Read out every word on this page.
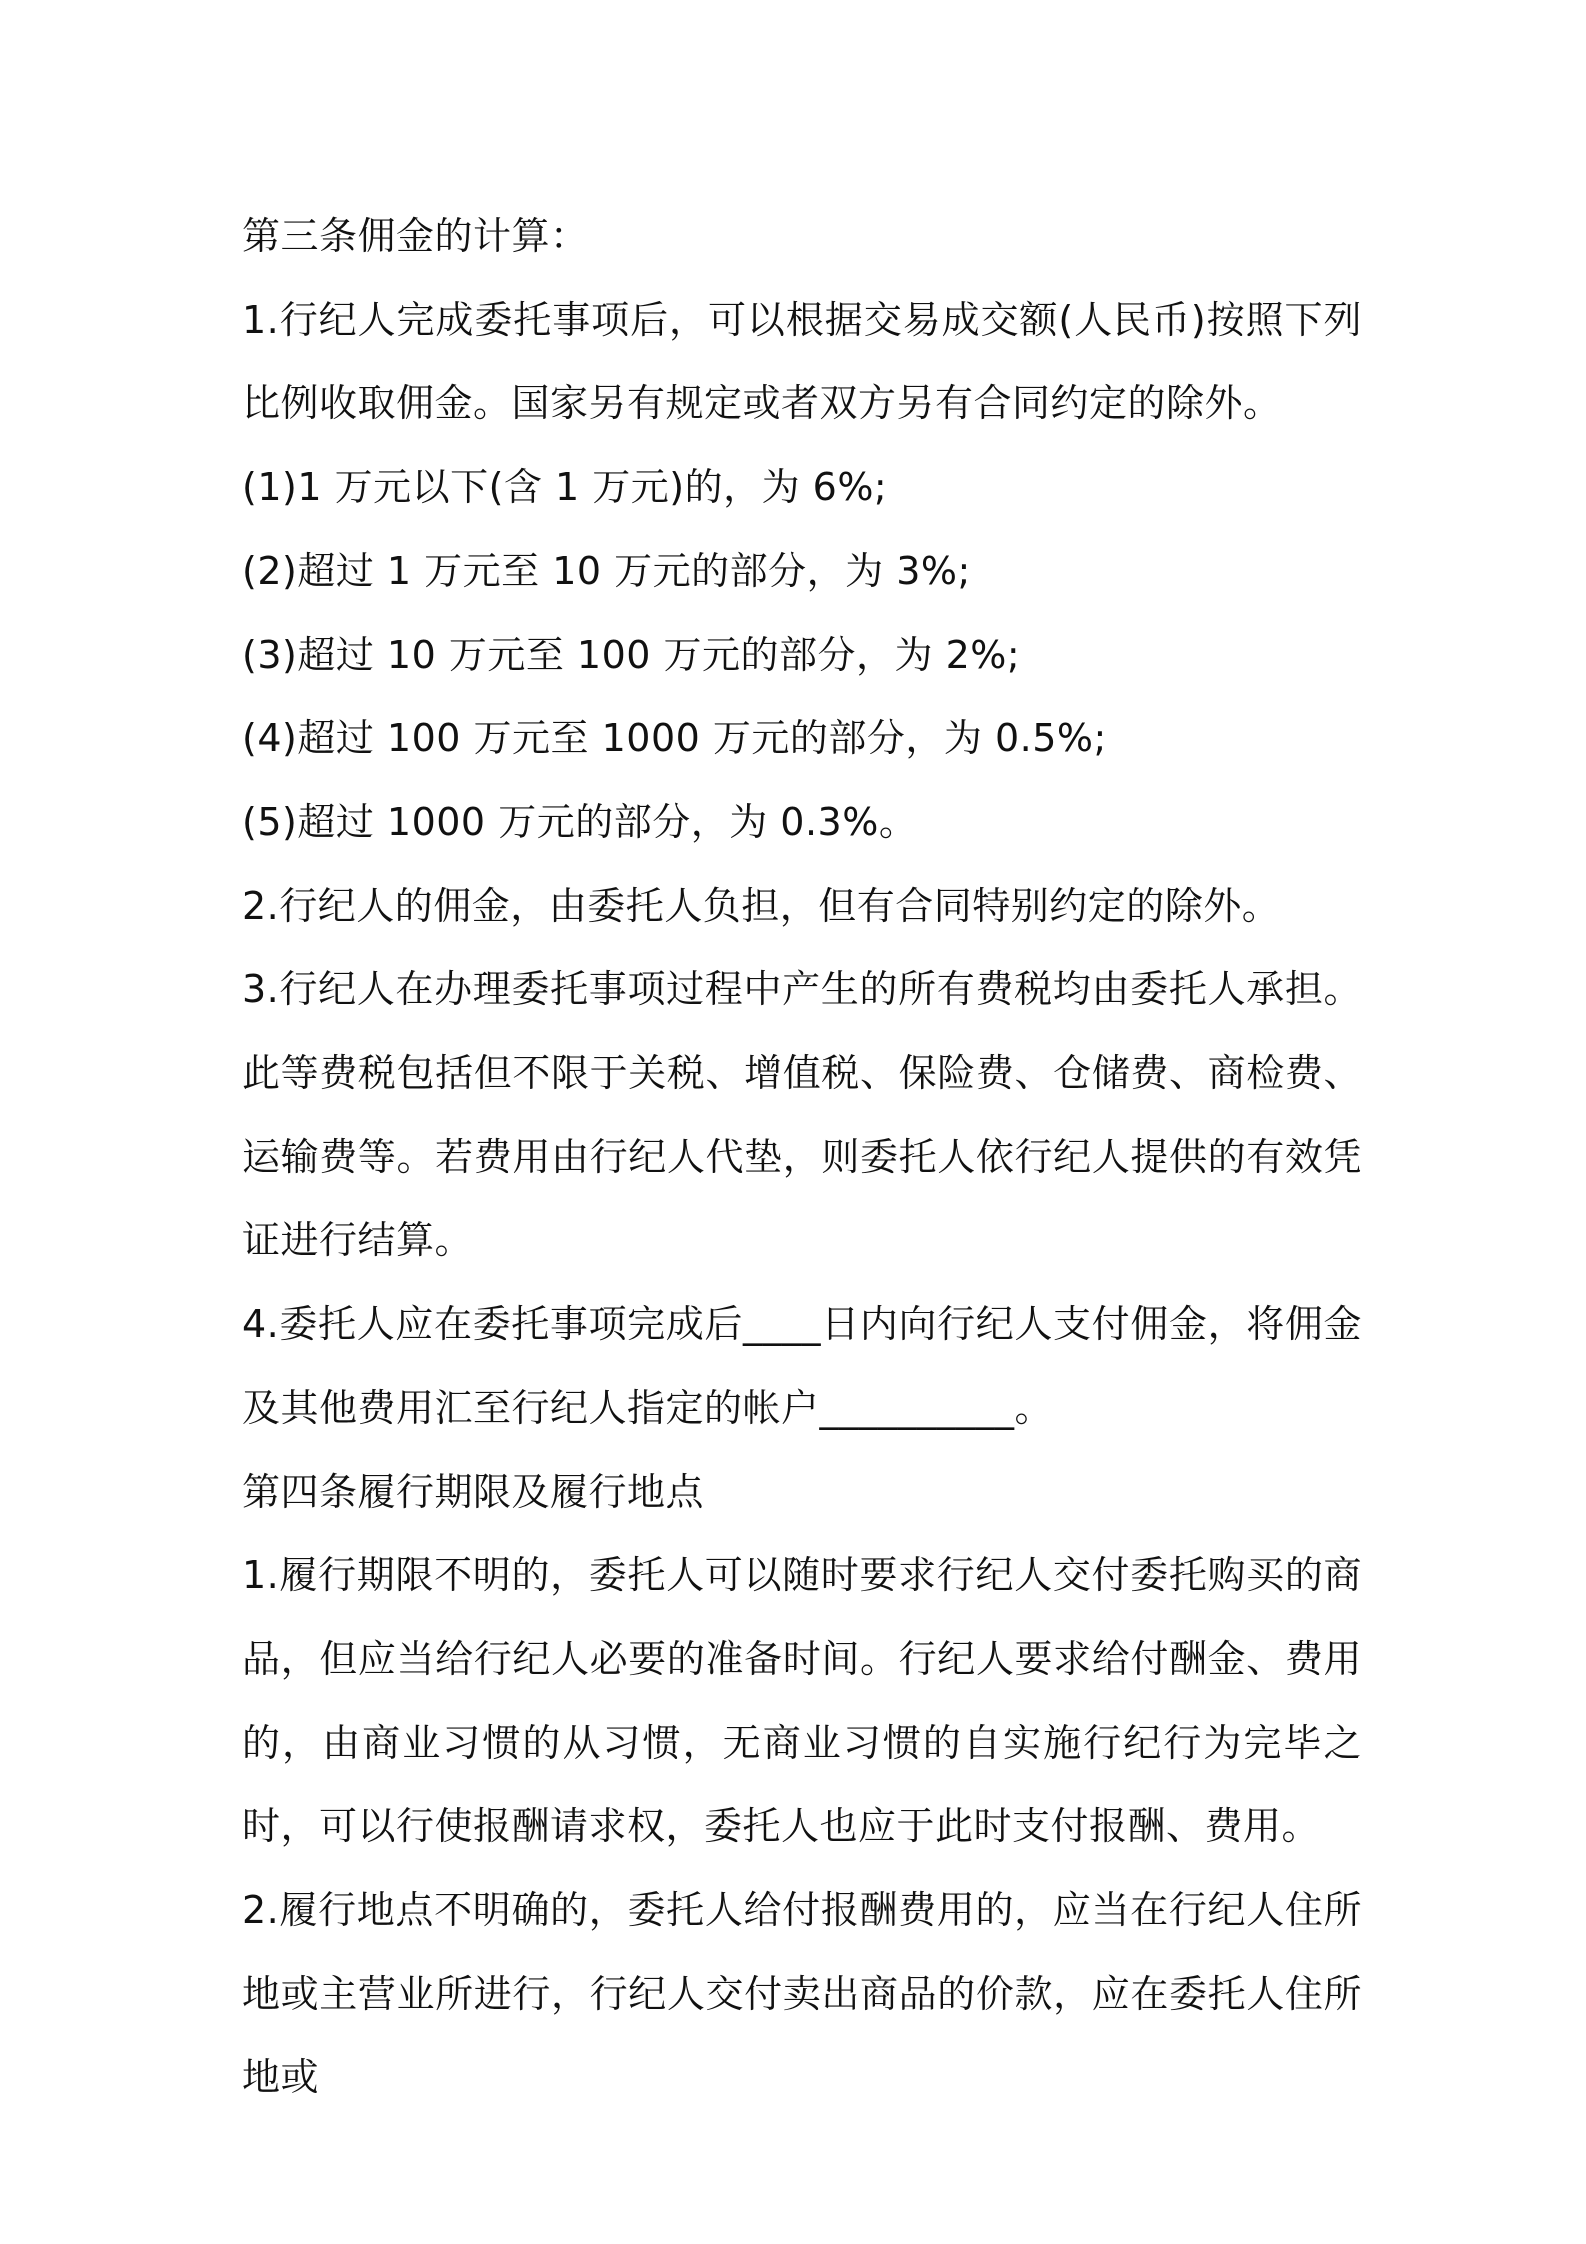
第三条佣金的计算：

1.行纪人完成委托事项后，可以根据交易成交额(人民币)按照下列比例收取佣金。国家另有规定或者双方另有合同约定的除外。

(1)1 万元以下(含 1 万元)的，为 6%;

(2)超过 1 万元至 10 万元的部分，为 3%;

(3)超过 10 万元至 100 万元的部分，为 2%;

(4)超过 100 万元至 1000 万元的部分，为 0.5%;

(5)超过 1000 万元的部分，为 0.3%。

2.行纪人的佣金，由委托人负担，但有合同特别约定的除外。

3.行纪人在办理委托事项过程中产生的所有费税均由委托人承担。此等费税包括但不限于关税、增值税、保险费、仓储费、商检费、运输费等。若费用由行纪人代垫，则委托人依行纪人提供的有效凭证进行结算。

4.委托人应在委托事项完成后____日内向行纪人支付佣金，将佣金及其他费用汇至行纪人指定的帐户__________。

第四条履行期限及履行地点

1.履行期限不明的，委托人可以随时要求行纪人交付委托购买的商品，但应当给行纪人必要的准备时间。行纪人要求给付酬金、费用的，由商业习惯的从习惯，无商业习惯的自实施行纪行为完毕之时，可以行使报酬请求权，委托人也应于此时支付报酬、费用。

2.履行地点不明确的，委托人给付报酬费用的，应当在行纪人住所地或主营业所进行，行纪人交付卖出商品的价款，应在委托人住所地或
